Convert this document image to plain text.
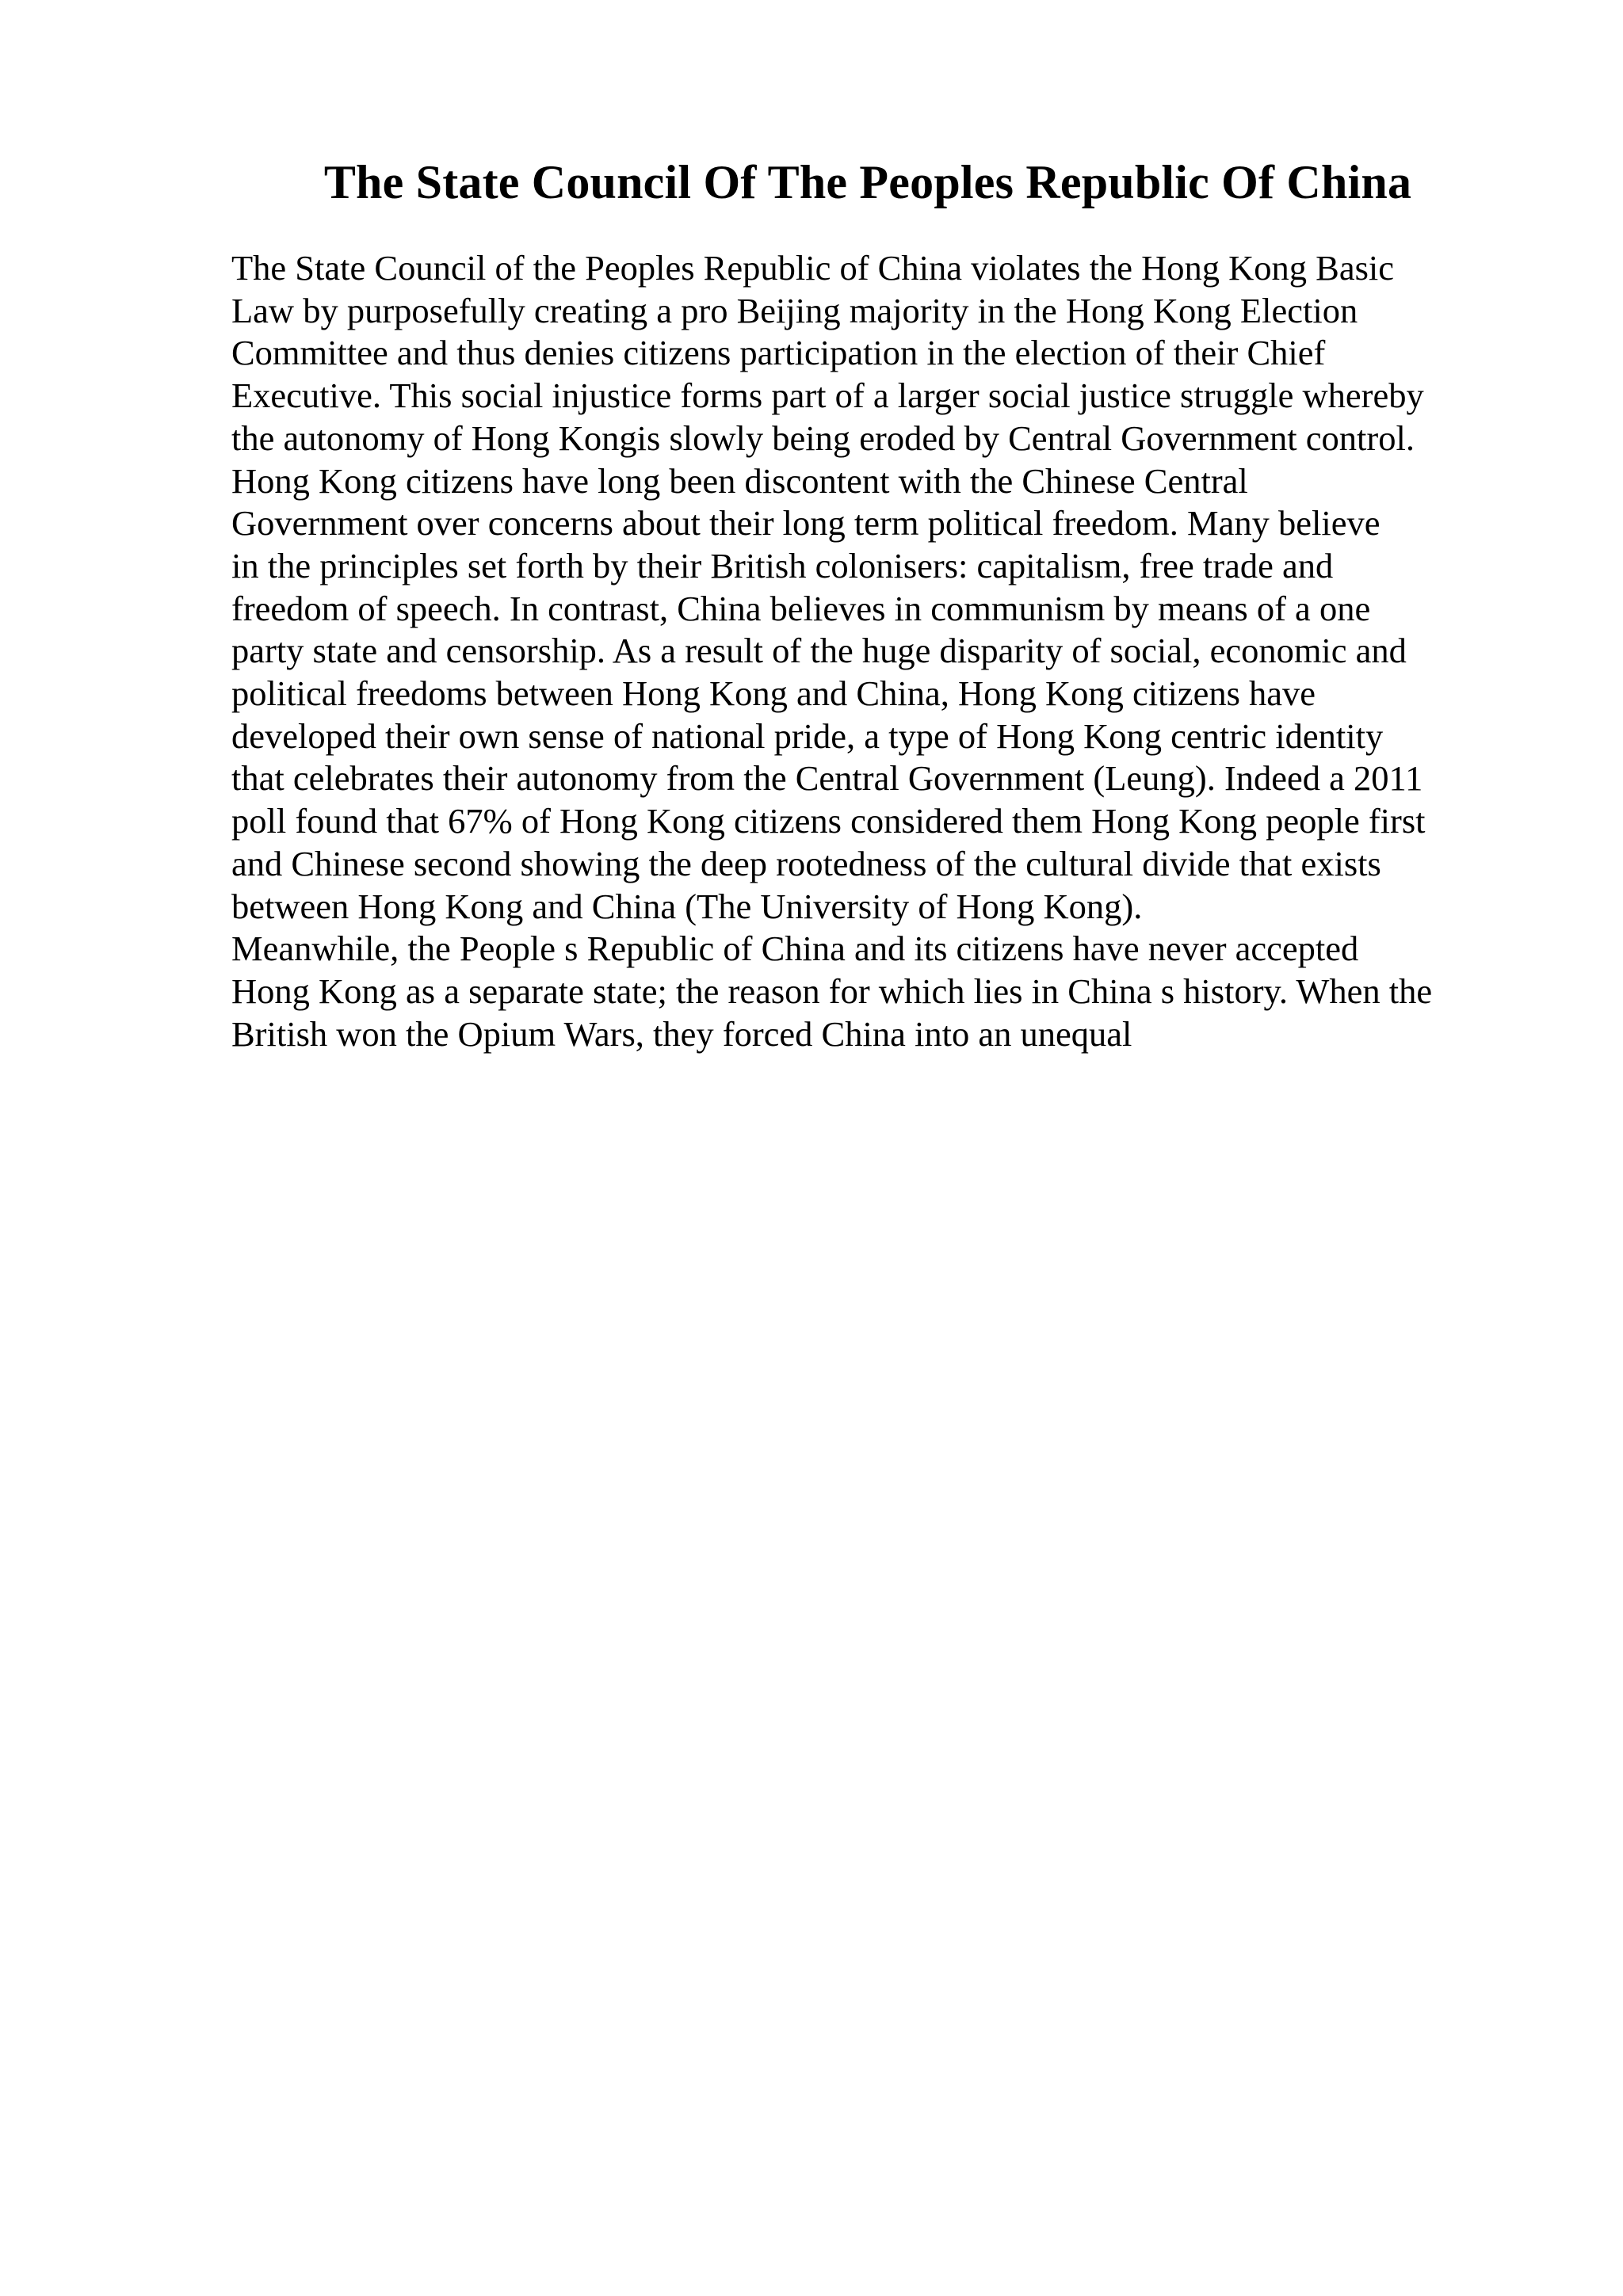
The State Council Of The Peoples Republic Of China
The State Council of the Peoples Republic of China violates the Hong Kong Basic
Law by purposefully creating a pro Beijing majority in the Hong Kong Election
Committee and thus denies citizens participation in the election of their Chief
Executive. This social injustice forms part of a larger social justice struggle whereby
the autonomy of Hong Kongis slowly being eroded by Central Government control.
Hong Kong citizens have long been discontent with the Chinese Central
Government over concerns about their long term political freedom. Many believe
in the principles set forth by their British colonisers: capitalism, free trade and
freedom of speech. In contrast, China believes in communism by means of a one
party state and censorship. As a result of the huge disparity of social, economic and
political freedoms between Hong Kong and China, Hong Kong citizens have
developed their own sense of national pride, a type of Hong Kong centric identity
that celebrates their autonomy from the Central Government (Leung). Indeed a 2011
poll found that 67% of Hong Kong citizens considered them Hong Kong people first
and Chinese second showing the deep rootedness of the cultural divide that exists
between Hong Kong and China (The University of Hong Kong).
Meanwhile, the People s Republic of China and its citizens have never accepted
Hong Kong as a separate state; the reason for which lies in China s history. When the
British won the Opium Wars, they forced China into an unequal
